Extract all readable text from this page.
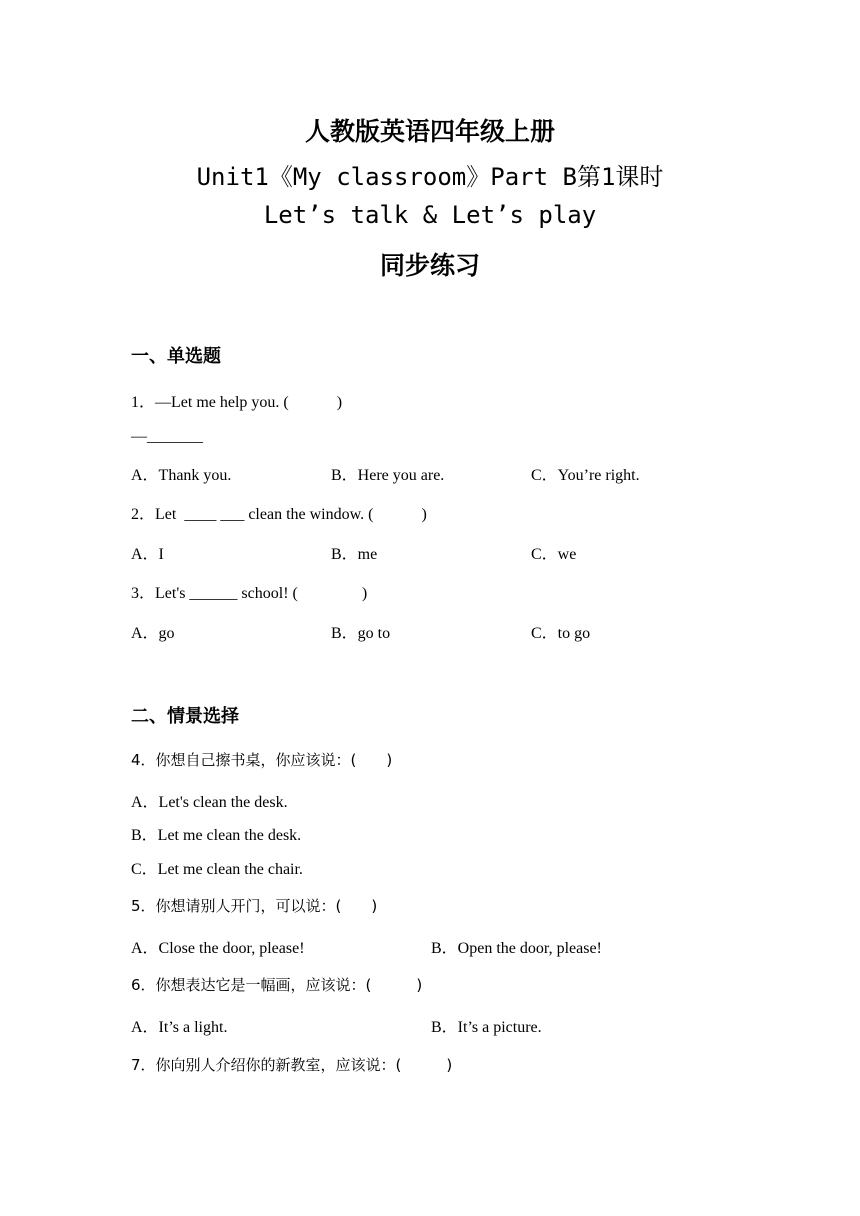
人教版英语四年级上册
Unit1《My classroom》Part B第1课时
Let’s talk & Let’s play
同步练习
一、单选题
1．—Let me help you. (　　　)
—_______
A．Thank you.	B．Here you are.	C．You’re right.
2．Let  ____ ___ clean the window. (　　　)
A．I	B．me	C．we
3．Let's ______ school! (　　　　)
A．go	B．go to	C．to go
二、情景选择
4．你想自己擦书桌，你应该说：(　　)
A．Let's clean the desk.
B．Let me clean the desk.
C．Let me clean the chair.
5．你想请别人开门，可以说：(　　)
A．Close the door, please!	B．Open the door, please!
6．你想表达它是一幅画，应该说：(　　　)
A．It’s a light.	B．It’s a picture.
7．你向别人介绍你的新教室，应该说：(　　　)
